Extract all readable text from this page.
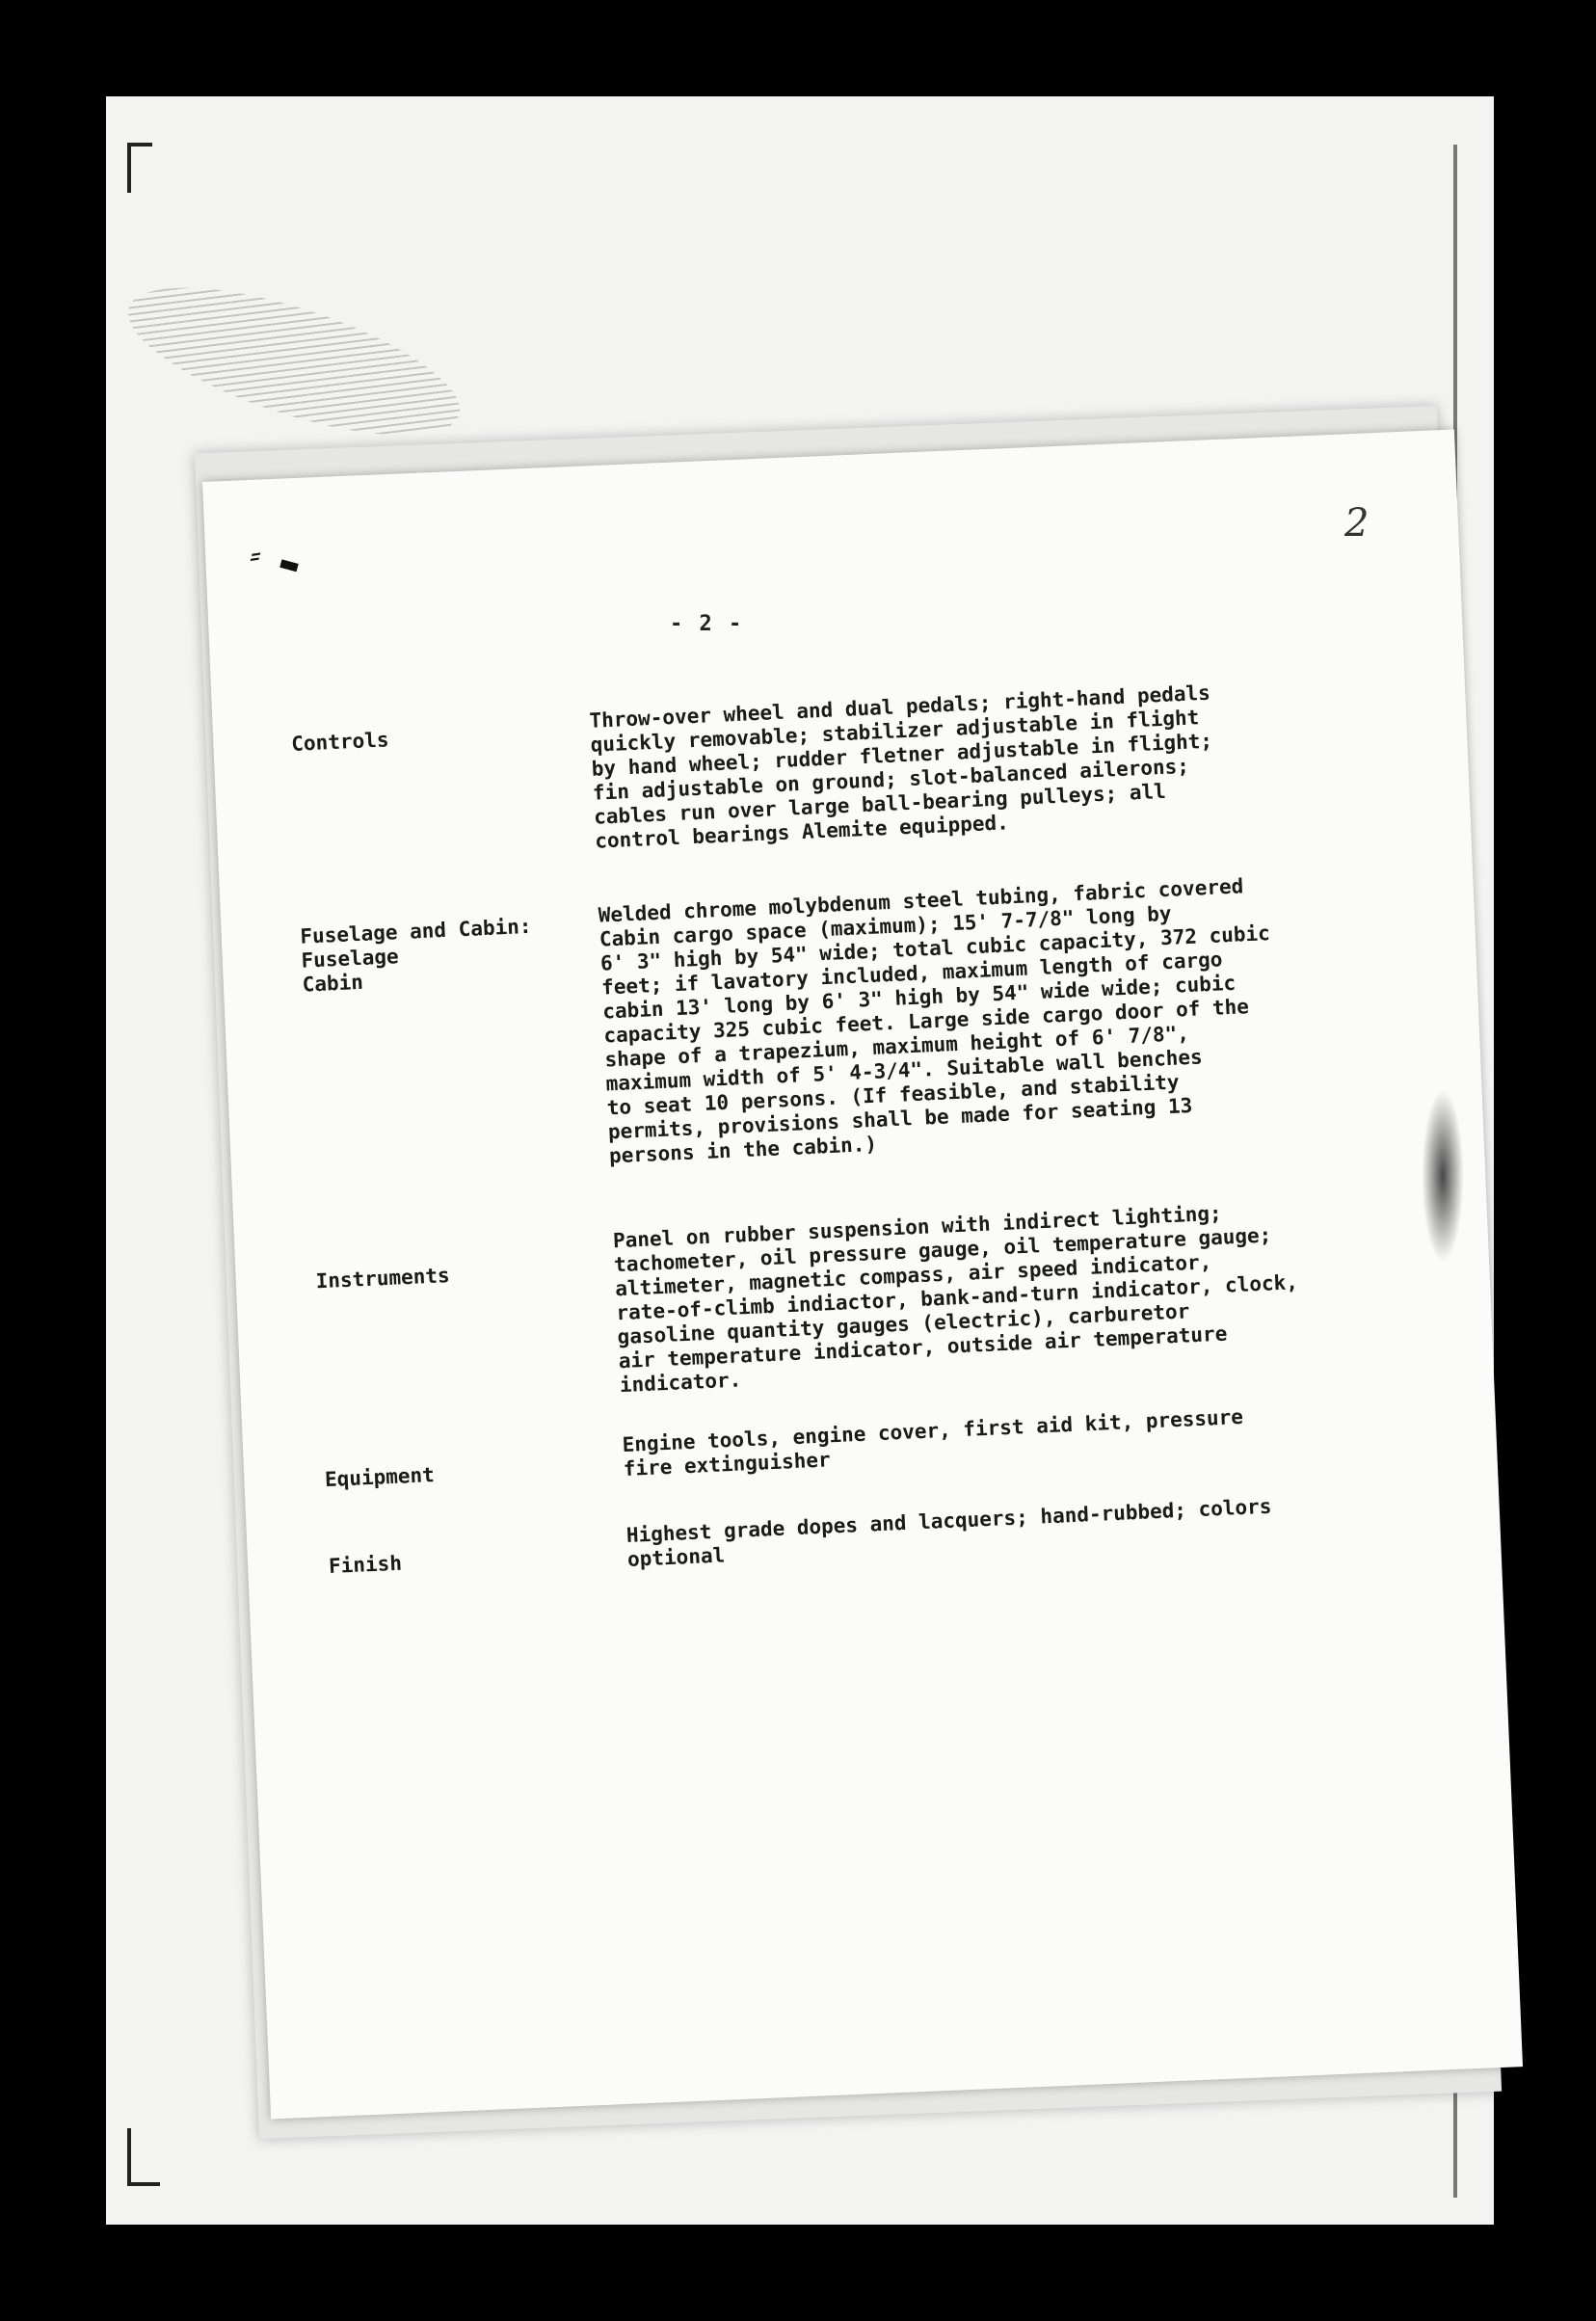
⸗ ▬
- 2 -
2
Controls
Throw-over wheel and dual pedals; right-hand pedals
quickly removable; stabilizer adjustable in flight
by hand wheel; rudder fletner adjustable in flight;
fin adjustable on ground; slot-balanced ailerons;
cables run over large ball-bearing pulleys; all
control bearings Alemite equipped.
Fuselage and Cabin:
Fuselage
Cabin
Welded chrome molybdenum steel tubing, fabric covered
Cabin cargo space (maximum); 15' 7-7/8" long by
6' 3" high by 54" wide; total cubic capacity, 372 cubic
feet; if lavatory included, maximum length of cargo
cabin 13' long by 6' 3" high by 54" wide wide; cubic
capacity 325 cubic feet. Large side cargo door of the
shape of a trapezium, maximum height of 6' 7/8",
maximum width of 5' 4-3/4". Suitable wall benches
to seat 10 persons. (If feasible, and stability
permits, provisions shall be made for seating 13
persons in the cabin.)
Instruments
Panel on rubber suspension with indirect lighting;
tachometer, oil pressure gauge, oil temperature gauge;
altimeter, magnetic compass, air speed indicator,
rate-of-climb indiactor, bank-and-turn indicator, clock,
gasoline quantity gauges (electric), carburetor
air temperature indicator, outside air temperature
indicator.
Equipment
Engine tools, engine cover, first aid kit, pressure
fire extinguisher
Finish
Highest grade dopes and lacquers; hand-rubbed; colors
optional
